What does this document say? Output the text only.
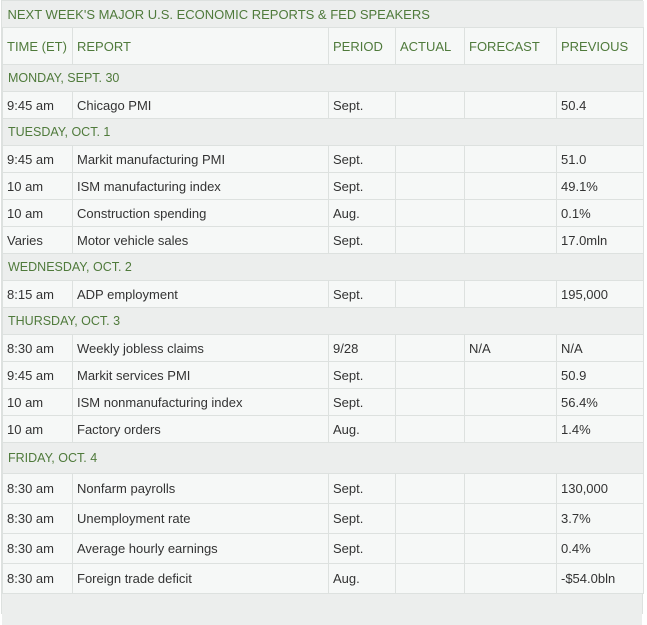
NEXT WEEK'S MAJOR U.S. ECONOMIC REPORTS & FED SPEAKERS					
TIME (ET)	REPORT	PERIOD	ACTUAL	FORECAST	PREVIOUS
MONDAY, SEPT. 30					
9:45 am	Chicago PMI	Sept.			50.4
TUESDAY, OCT. 1					
9:45 am	Markit manufacturing PMI	Sept.			51.0
10 am	ISM manufacturing index	Sept.			49.1%
10 am	Construction spending	Aug.			0.1%
Varies	Motor vehicle sales	Sept.			17.0mln
WEDNESDAY, OCT. 2					
8:15 am	ADP employment	Sept.			195,000
THURSDAY, OCT. 3					
8:30 am	Weekly jobless claims	9/28		N/A	N/A
9:45 am	Markit services PMI	Sept.			50.9
10 am	ISM nonmanufacturing index	Sept.			56.4%
10 am	Factory orders	Aug.			1.4%
FRIDAY, OCT. 4					
8:30 am	Nonfarm payrolls	Sept.			130,000
8:30 am	Unemployment rate	Sept.			3.7%
8:30 am	Average hourly earnings	Sept.			0.4%
8:30 am	Foreign trade deficit	Aug.			-$54.0bln
